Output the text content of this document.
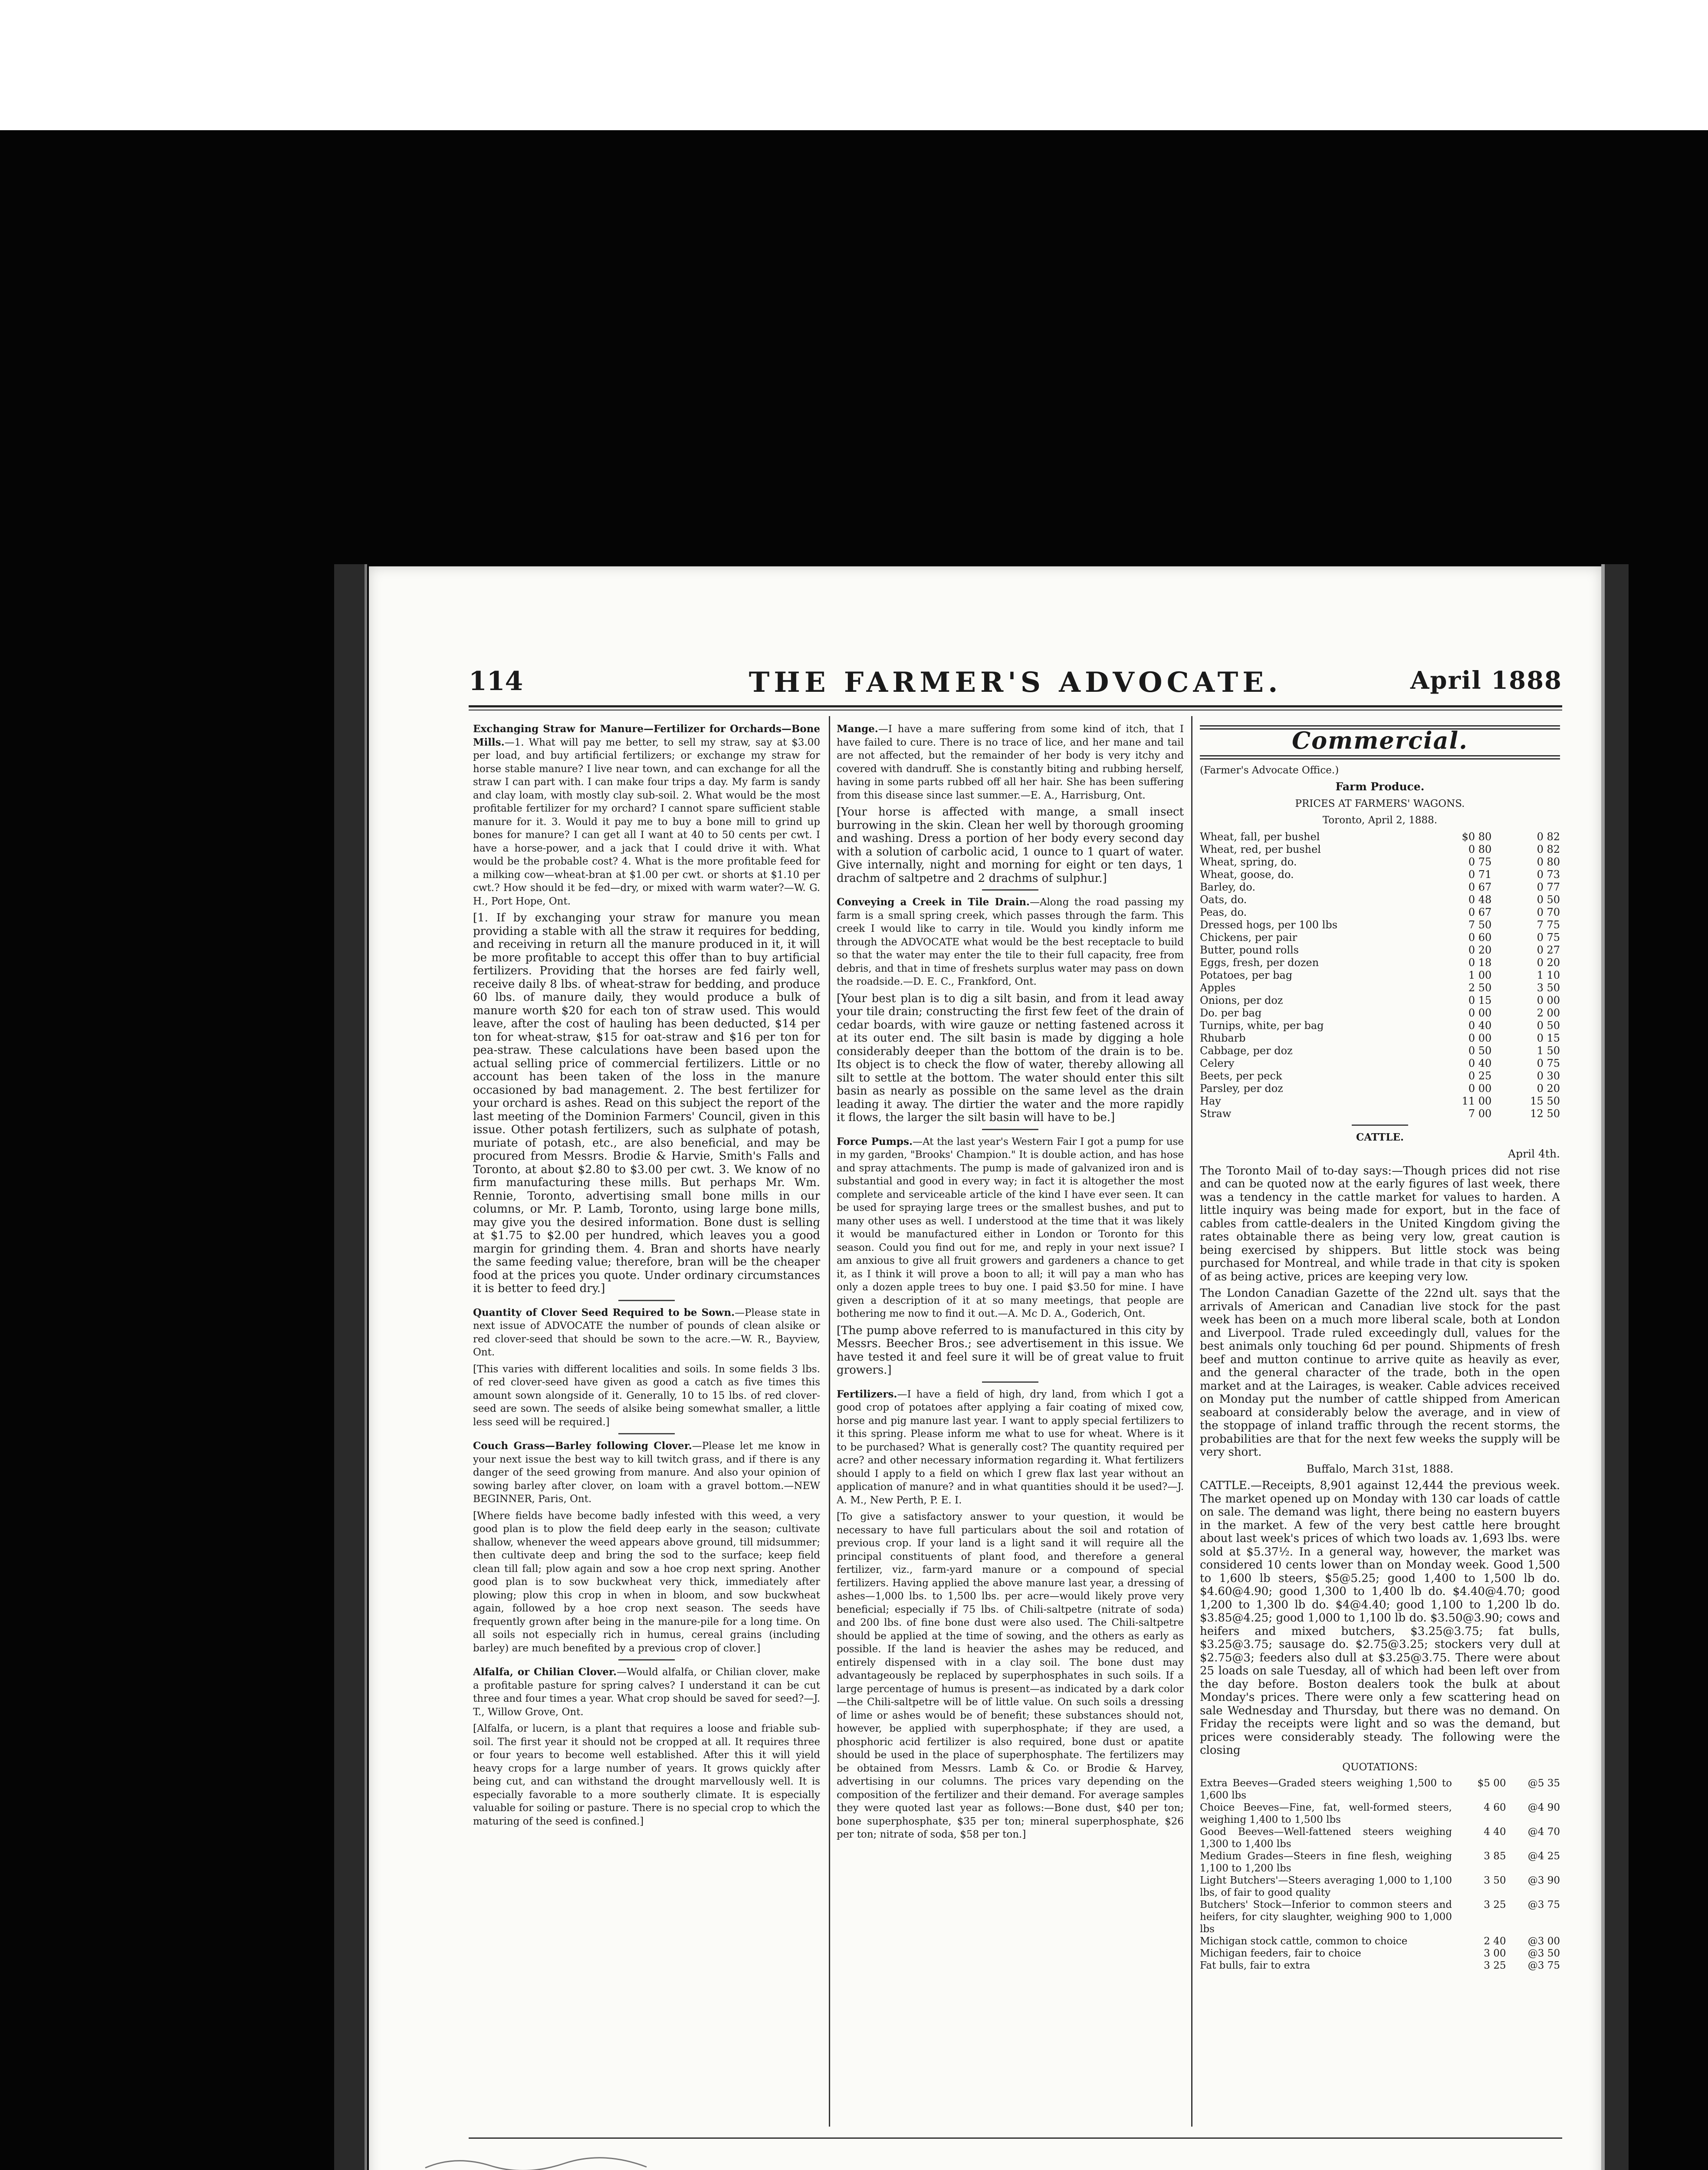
114	THE FARMER'S ADVOCATE.	April 1888

Exchanging Straw for Manure—Fertilizer for Orchards—Bone Mills.—1. What will pay me better, to sell my straw, say at $3.00 per load, and buy artificial fertilizers; or exchange my straw for horse stable manure? I live near town, and can exchange for all the straw I can part with. I can make four trips a day. My farm is sandy and clay loam, with mostly clay sub-soil. 2. What would be the most profitable fertilizer for my orchard? I cannot spare sufficient stable manure for it. 3. Would it pay me to buy a bone mill to grind up bones for manure? I can get all I want at 40 to 50 cents per cwt. I have a horse-power, and a jack that I could drive it with. What would be the probable cost? 4. What is the more profitable feed for a milking cow—wheat-bran at $1.00 per cwt. or shorts at $1.10 per cwt.? How should it be fed—dry, or mixed with warm water?—W. G. H., Port Hope, Ont.

[1. If by exchanging your straw for manure you mean providing a stable with all the straw it requires for bedding, and receiving in return all the manure produced in it, it will be more profitable to accept this offer than to buy artificial fertilizers. Providing that the horses are fed fairly well, receive daily 8 lbs. of wheat-straw for bedding, and produce 60 lbs. of manure daily, they would produce a bulk of manure worth $20 for each ton of straw used. This would leave, after the cost of hauling has been deducted, $14 per ton for wheat-straw, $15 for oat-straw and $16 per ton for pea-straw. These calculations have been based upon the actual selling price of commercial fertilizers. Little or no account has been taken of the loss in the manure occasioned by bad management. 2. The best fertilizer for your orchard is ashes. Read on this subject the report of the last meeting of the Dominion Farmers' Council, given in this issue. Other potash fertilizers, such as sulphate of potash, muriate of potash, etc., are also beneficial, and may be procured from Messrs. Brodie & Harvie, Smith's Falls and Toronto, at about $2.80 to $3.00 per cwt. 3. We know of no firm manufacturing these mills. But perhaps Mr. Wm. Rennie, Toronto, advertising small bone mills in our columns, or Mr. P. Lamb, Toronto, using large bone mills, may give you the desired information. Bone dust is selling at $1.75 to $2.00 per hundred, which leaves you a good margin for grinding them. 4. Bran and shorts have nearly the same feeding value; therefore, bran will be the cheaper food at the prices you quote. Under ordinary circumstances it is better to feed dry.]

Quantity of Clover Seed Required to be Sown.—Please state in next issue of ADVOCATE the number of pounds of clean alsike or red clover-seed that should be sown to the acre.—W. R., Bayview, Ont.

[This varies with different localities and soils. In some fields 3 lbs. of red clover-seed have given as good a catch as five times this amount sown alongside of it. Generally, 10 to 15 lbs. of red clover-seed are sown. The seeds of alsike being somewhat smaller, a little less seed will be required.]

Couch Grass—Barley following Clover.—Please let me know in your next issue the best way to kill twitch grass, and if there is any danger of the seed growing from manure. And also your opinion of sowing barley after clover, on loam with a gravel bottom.—NEW BEGINNER, Paris, Ont.

[Where fields have become badly infested with this weed, a very good plan is to plow the field deep early in the season; cultivate shallow, whenever the weed appears above ground, till midsummer; then cultivate deep and bring the sod to the surface; keep field clean till fall; plow again and sow a hoe crop next spring. Another good plan is to sow buckwheat very thick, immediately after plowing; plow this crop in when in bloom, and sow buckwheat again, followed by a hoe crop next season. The seeds have frequently grown after being in the manure-pile for a long time. On all soils not especially rich in humus, cereal grains (including barley) are much benefited by a previous crop of clover.]

Alfalfa, or Chilian Clover.—Would alfalfa, or Chilian clover, make a profitable pasture for spring calves? I understand it can be cut three and four times a year. What crop should be saved for seed?—J. T., Willow Grove, Ont.

[Alfalfa, or lucern, is a plant that requires a loose and friable sub-soil. The first year it should not be cropped at all. It requires three or four years to become well established. After this it will yield heavy crops for a large number of years. It grows quickly after being cut, and can withstand the drought marvellously well. It is especially favorable to a more southerly climate. It is especially valuable for soiling or pasture. There is no special crop to which the maturing of the seed is confined.]

Mange.—I have a mare suffering from some kind of itch, that I have failed to cure. There is no trace of lice, and her mane and tail are not affected, but the remainder of her body is very itchy and covered with dandruff. She is constantly biting and rubbing herself, having in some parts rubbed off all her hair. She has been suffering from this disease since last summer.—E. A., Harrisburg, Ont.

[Your horse is affected with mange, a small insect burrowing in the skin. Clean her well by thorough grooming and washing. Dress a portion of her body every second day with a solution of carbolic acid, 1 ounce to 1 quart of water. Give internally, night and morning for eight or ten days, 1 drachm of saltpetre and 2 drachms of sulphur.]

Conveying a Creek in Tile Drain.—Along the road passing my farm is a small spring creek, which passes through the farm. This creek I would like to carry in tile. Would you kindly inform me through the ADVOCATE what would be the best receptacle to build so that the water may enter the tile to their full capacity, free from debris, and that in time of freshets surplus water may pass on down the roadside.—D. E. C., Frankford, Ont.

[Your best plan is to dig a silt basin, and from it lead away your tile drain; constructing the first few feet of the drain of cedar boards, with wire gauze or netting fastened across it at its outer end. The silt basin is made by digging a hole considerably deeper than the bottom of the drain is to be. Its object is to check the flow of water, thereby allowing all silt to settle at the bottom. The water should enter this silt basin as nearly as possible on the same level as the drain leading it away. The dirtier the water and the more rapidly it flows, the larger the silt basin will have to be.]

Force Pumps.—At the last year's Western Fair I got a pump for use in my garden, "Brooks' Champion." It is double action, and has hose and spray attachments. The pump is made of galvanized iron and is substantial and good in every way; in fact it is altogether the most complete and serviceable article of the kind I have ever seen. It can be used for spraying large trees or the smallest bushes, and put to many other uses as well. I understood at the time that it was likely it would be manufactured either in London or Toronto for this season. Could you find out for me, and reply in your next issue? I am anxious to give all fruit growers and gardeners a chance to get it, as I think it will prove a boon to all; it will pay a man who has only a dozen apple trees to buy one. I paid $3.50 for mine. I have given a description of it at so many meetings, that people are bothering me now to find it out.—A. Mc D. A., Goderich, Ont.

[The pump above referred to is manufactured in this city by Messrs. Beecher Bros.; see advertisement in this issue. We have tested it and feel sure it will be of great value to fruit growers.]

Fertilizers.—I have a field of high, dry land, from which I got a good crop of potatoes after applying a fair coating of mixed cow, horse and pig manure last year. I want to apply special fertilizers to it this spring. Please inform me what to use for wheat. Where is it to be purchased? What is generally cost? The quantity required per acre? and other necessary information regarding it. What fertilizers should I apply to a field on which I grew flax last year without an application of manure? and in what quantities should it be used?—J. A. M., New Perth, P. E. I.

[To give a satisfactory answer to your question, it would be necessary to have full particulars about the soil and rotation of previous crop. If your land is a light sand it will require all the principal constituents of plant food, and therefore a general fertilizer, viz., farm-yard manure or a compound of special fertilizers. Having applied the above manure last year, a dressing of ashes—1,000 lbs. to 1,500 lbs. per acre—would likely prove very beneficial; especially if 75 lbs. of Chili-saltpetre (nitrate of soda) and 200 lbs. of fine bone dust were also used. The Chili-saltpetre should be applied at the time of sowing, and the others as early as possible. If the land is heavier the ashes may be reduced, and entirely dispensed with in a clay soil. The bone dust may advantageously be replaced by superphosphates in such soils. If a large percentage of humus is present—as indicated by a dark color—the Chili-saltpetre will be of little value. On such soils a dressing of lime or ashes would be of benefit; these substances should not, however, be applied with superphosphate; if they are used, a phosphoric acid fertilizer is also required, bone dust or apatite should be used in the place of superphosphate. The fertilizers may be obtained from Messrs. Lamb & Co. or Brodie & Harvey, advertising in our columns. The prices vary depending on the composition of the fertilizer and their demand. For average samples they were quoted last year as follows:—Bone dust, $40 per ton; bone superphosphate, $35 per ton; mineral superphosphate, $26 per ton; nitrate of soda, $58 per ton.]

Commercial.

(Farmer's Advocate Office.)

Farm Produce.

PRICES AT FARMERS' WAGONS.

Toronto, April 2, 1888.

Wheat, fall, per bushel	$0 80	0 82
Wheat, red, per bushel	0 80	0 82
Wheat, spring, do.	0 75	0 80
Wheat, goose, do.	0 71	0 73
Barley, do.	0 67	0 77
Oats, do.	0 48	0 50
Peas, do.	0 67	0 70
Dressed hogs, per 100 lbs	7 50	7 75
Chickens, per pair	0 60	0 75
Butter, pound rolls	0 20	0 27
Eggs, fresh, per dozen	0 18	0 20
Potatoes, per bag	1 00	1 10
Apples	2 50	3 50
Onions, per doz	0 15	0 00
Do. per bag	0 00	2 00
Turnips, white, per bag	0 40	0 50
Rhubarb	0 00	0 15
Cabbage, per doz	0 50	1 50
Celery	0 40	0 75
Beets, per peck	0 25	0 30
Parsley, per doz	0 00	0 20
Hay	11 00	15 50
Straw	7 00	12 50

CATTLE.

April 4th.

The Toronto Mail of to-day says:—Though prices did not rise and can be quoted now at the early figures of last week, there was a tendency in the cattle market for values to harden. A little inquiry was being made for export, but in the face of cables from cattle-dealers in the United Kingdom giving the rates obtainable there as being very low, great caution is being exercised by shippers. But little stock was being purchased for Montreal, and while trade in that city is spoken of as being active, prices are keeping very low.

The London Canadian Gazette of the 22nd ult. says that the arrivals of American and Canadian live stock for the past week has been on a much more liberal scale, both at London and Liverpool. Trade ruled exceedingly dull, values for the best animals only touching 6d per pound. Shipments of fresh beef and mutton continue to arrive quite as heavily as ever, and the general character of the trade, both in the open market and at the Lairages, is weaker. Cable advices received on Monday put the number of cattle shipped from American seaboard at considerably below the average, and in view of the stoppage of inland traffic through the recent storms, the probabilities are that for the next few weeks the supply will be very short.

Buffalo, March 31st, 1888.

CATTLE.—Receipts, 8,901 against 12,444 the previous week. The market opened up on Monday with 130 car loads of cattle on sale. The demand was light, there being no eastern buyers in the market. A few of the very best cattle here brought about last week's prices of which two loads av. 1,693 lbs. were sold at $5.37½. In a general way, however, the market was considered 10 cents lower than on Monday week. Good 1,500 to 1,600 lb steers, $5@5.25; good 1,400 to 1,500 lb do. $4.60@4.90; good 1,300 to 1,400 lb do. $4.40@4.70; good 1,200 to 1,300 lb do. $4@4.40; good 1,100 to 1,200 lb do. $3.85@4.25; good 1,000 to 1,100 lb do. $3.50@3.90; cows and heifers and mixed butchers, $3.25@3.75; fat bulls, $3.25@3.75; sausage do. $2.75@3.25; stockers very dull at $2.75@3; feeders also dull at $3.25@3.75. There were about 25 loads on sale Tuesday, all of which had been left over from the day before. Boston dealers took the bulk at about Monday's prices. There were only a few scattering head on sale Wednesday and Thursday, but there was no demand. On Friday the receipts were light and so was the demand, but prices were considerably steady. The following were the closing

QUOTATIONS:

Extra Beeves—Graded steers weighing 1,500 to 1,600 lbs	$5 00	@5 35
Choice Beeves—Fine, fat, well-formed steers, weighing 1,400 to 1,500 lbs	4 60	@4 90
Good Beeves—Well-fattened steers weighing 1,300 to 1,400 lbs	4 40	@4 70
Medium Grades—Steers in fine flesh, weighing 1,100 to 1,200 lbs	3 85	@4 25
Light Butchers'—Steers averaging 1,000 to 1,100 lbs, of fair to good quality	3 50	@3 90
Butchers' Stock—Inferior to common steers and heifers, for city slaughter, weighing 900 to 1,000 lbs	3 25	@3 75
Michigan stock cattle, common to choice	2 40	@3 00
Michigan feeders, fair to choice	3 00	@3 50
Fat bulls, fair to extra	3 25	@3 75
